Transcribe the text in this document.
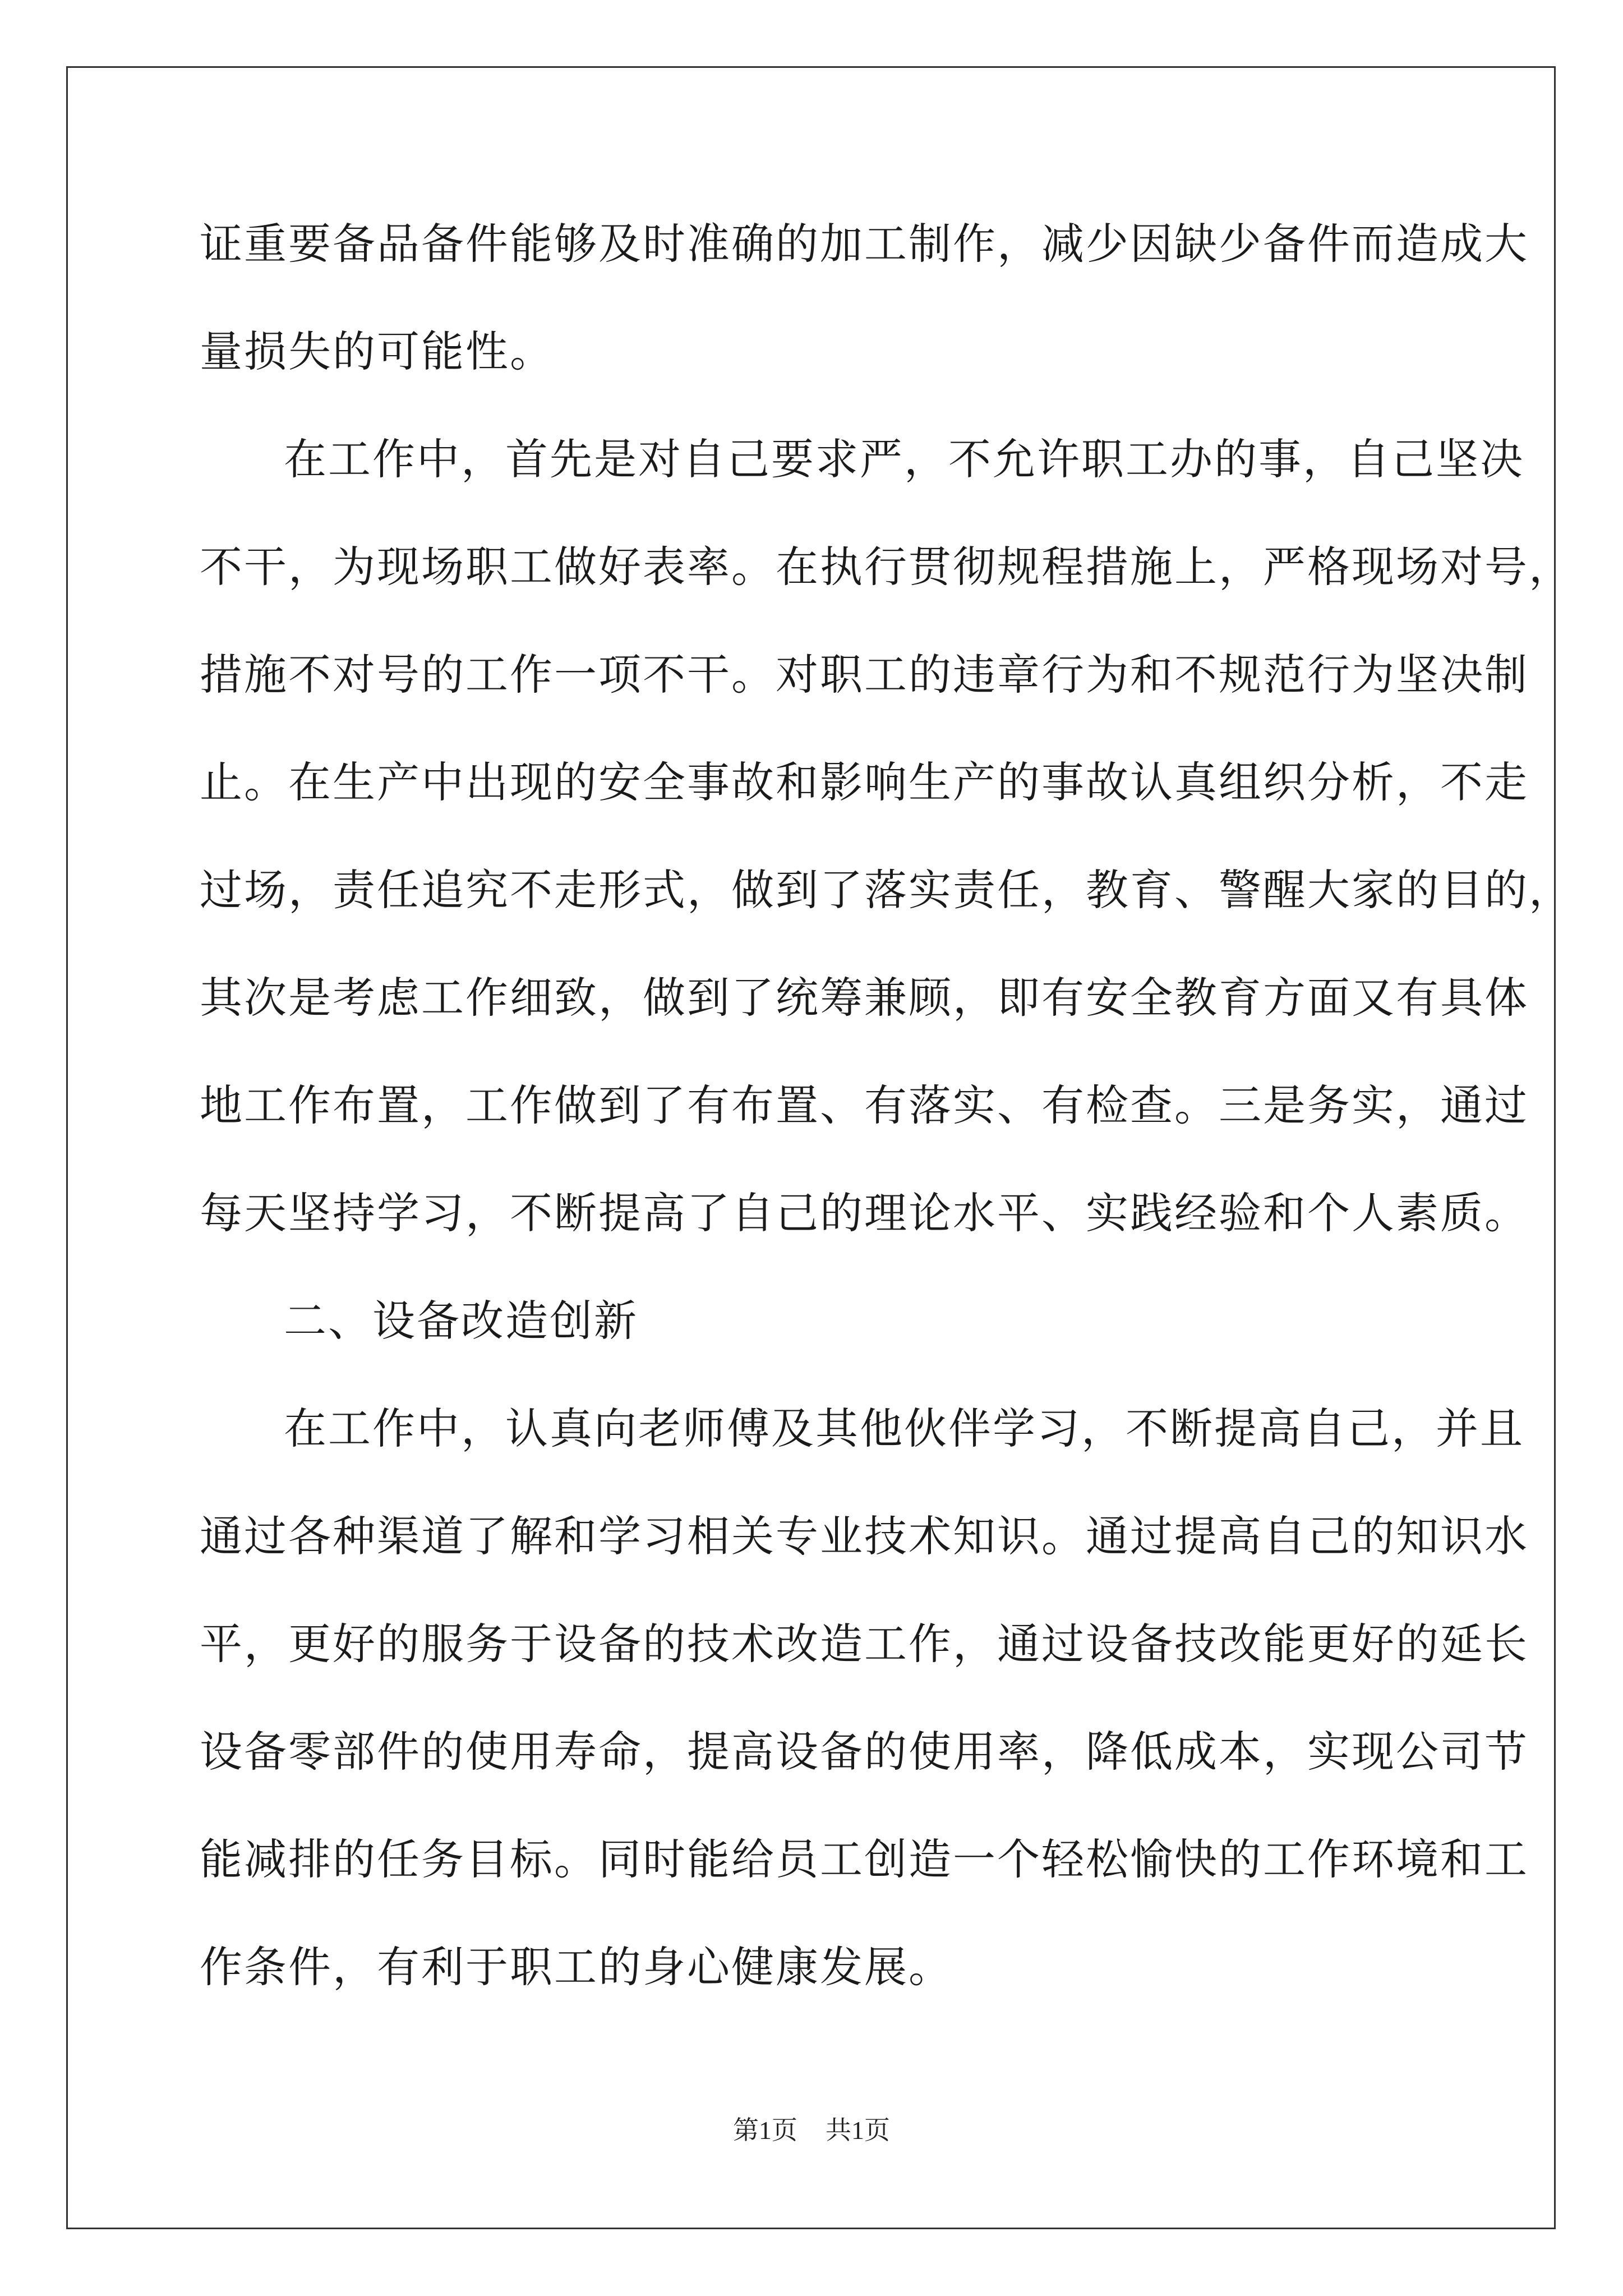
证重要备品备件能够及时准确的加工制作，减少因缺少备件而造成大
量损失的可能性。
在工作中，首先是对自己要求严，不允许职工办的事，自己坚决
不干，为现场职工做好表率。在执行贯彻规程措施上，严格现场对号，
措施不对号的工作一项不干。对职工的违章行为和不规范行为坚决制
止。在生产中出现的安全事故和影响生产的事故认真组织分析，不走
过场，责任追究不走形式，做到了落实责任，教育、警醒大家的目的，
其次是考虑工作细致，做到了统筹兼顾，即有安全教育方面又有具体
地工作布置，工作做到了有布置、有落实、有检查。三是务实，通过
每天坚持学习，不断提高了自己的理论水平、实践经验和个人素质。
二、设备改造创新
在工作中，认真向老师傅及其他伙伴学习，不断提高自己，并且
通过各种渠道了解和学习相关专业技术知识。通过提高自己的知识水
平，更好的服务于设备的技术改造工作，通过设备技改能更好的延长
设备零部件的使用寿命，提高设备的使用率，降低成本，实现公司节
能减排的任务目标。同时能给员工创造一个轻松愉快的工作环境和工
作条件，有利于职工的身心健康发展。
第1页 共1页
